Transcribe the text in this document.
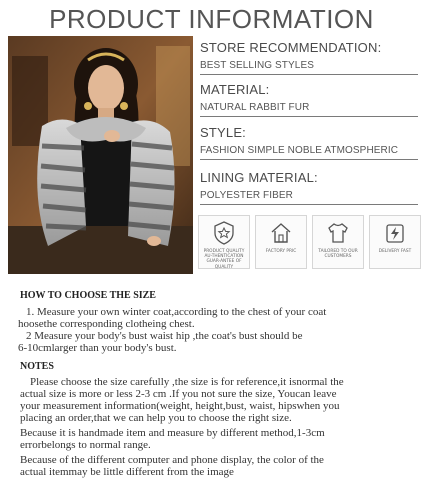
PRODUCT INFORMATION
STORE RECOMMENDATION:
BEST SELLING STYLES
MATERIAL:
NATURAL RABBIT FUR
STYLE:
FASHION SIMPLE NOBLE ATMOSPHERIC
LINING MATERIAL:
POLYESTER FIBER
PRODUCT QUALITY AU-THENTICATION GUAR-ANTEE OF QUALITY
FACTORY PRIC	TAILORED TO OUR CUSTOMERS
DELIVERY FAST
HOW TO CHOOSE THE SIZE
1. Measure your own winter coat,according to the chest of your coat
hoosethe corresponding clotheing chest.
2 Measure your body's bust waist hip ,the coat's bust should be
6-10cmlarger than your body's bust.
NOTES
Please choose the size carefully ,the size is for reference,it isnormal the
actual size is more or less 2-3 cm .If you not sure the size, Youcan leave
your measurement information(weight, height,bust, waist, hipswhen you
placing an order,that we can help you to choose the right size.
Because it is handmade item and measure by different method,1-3cm
errorbelongs to normal range.
Because of the different computer and phone display, the color of the
actual itemmay be little different from the image
